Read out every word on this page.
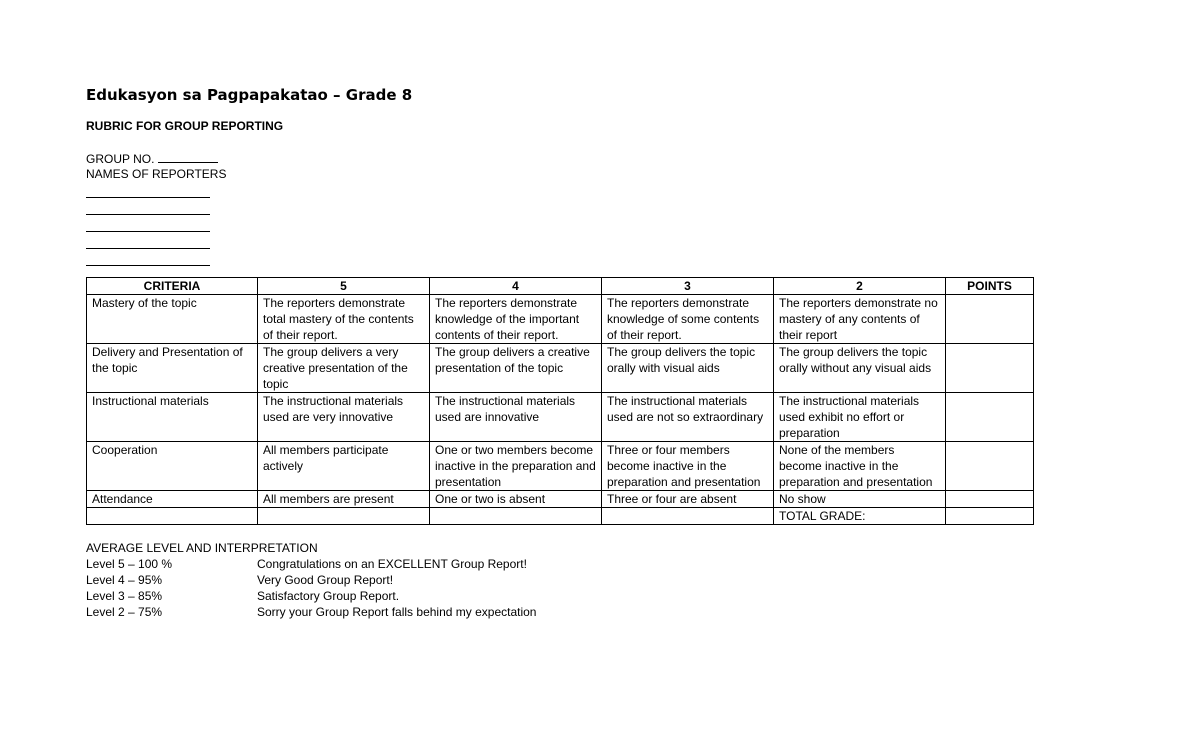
Edukasyon sa Pagpapakatao – Grade 8
RUBRIC FOR GROUP REPORTING
GROUP NO.
NAMES OF REPORTERS
CRITERIA	5	4	3	2	POINTS
Mastery of the topic	The reporters demonstrate total mastery of the contents of their report.	The reporters demonstrate knowledge of the important contents of their report.	The reporters demonstrate knowledge of some contents of their report.	The reporters demonstrate no mastery of any contents of their report	
Delivery and Presentation of the topic	The group delivers a very creative presentation of the topic	The group delivers a creative presentation of the topic	The group delivers the topic orally with visual aids	The group delivers the topic orally without any visual aids	
Instructional materials	The instructional materials used are very innovative	The instructional materials used are innovative	The instructional materials used are not so extraordinary	The instructional materials used exhibit no effort or preparation	
Cooperation	All members participate actively	One or two members become inactive in the preparation and presentation	Three or four members become inactive in the preparation and presentation	None of the members become inactive in the preparation and presentation	
Attendance	All members are present	One or two is absent	Three or four are absent	No show	
				TOTAL GRADE:	
AVERAGE LEVEL AND INTERPRETATION
Level 5 – 100 %	Congratulations on an EXCELLENT Group Report!
Level 4 – 95%	Very Good Group Report!
Level 3 – 85%	Satisfactory Group Report.
Level 2 – 75%	Sorry your Group Report falls behind my expectation
